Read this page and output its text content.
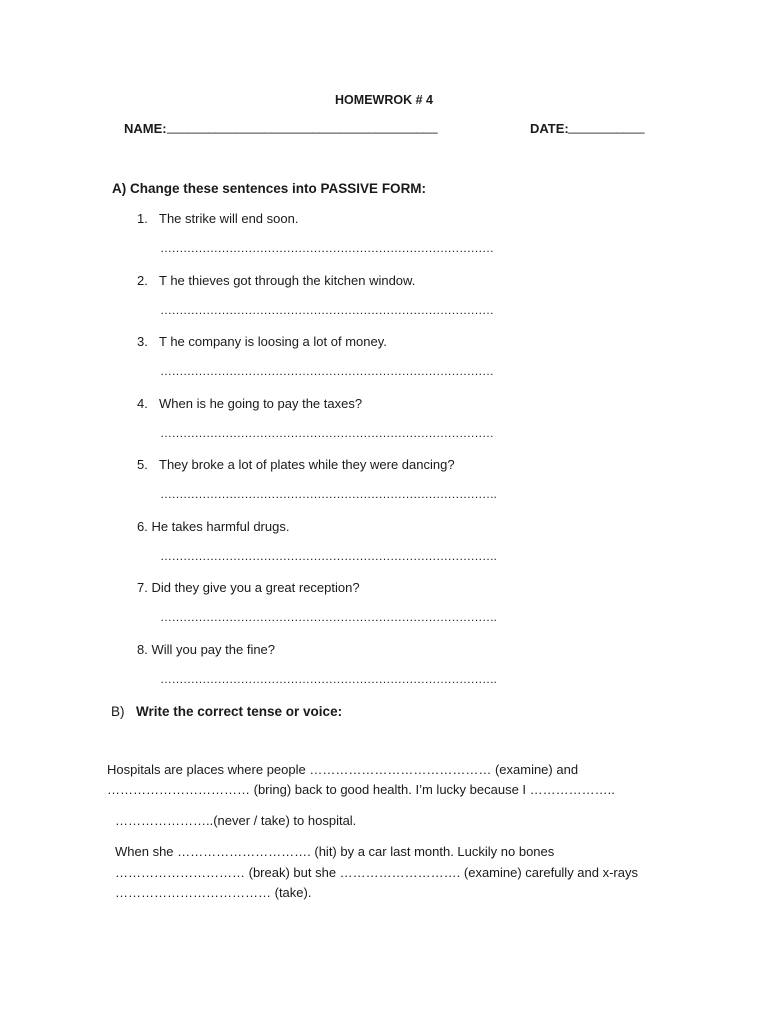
HOMEWROK # 4
NAME: _______________________________________	DATE: ___________
A) Change these sentences into PASSIVE FORM:
1. The strike will end soon.
……………………………………………………………………………
2. T he thieves got through the kitchen window.
……………………………………………………………………………
3. T he company is loosing a lot of money.
……………………………………………………………………………
4. When is he going to pay the taxes?
……………………………………………………………………………
5. They broke a lot of plates while they were dancing?
…………………………………………………………………………….
6. He takes harmful drugs.
…………………………………………………………………………….
7. Did they give you a great reception?
…………………………………………………………………………….
8. Will you pay the fine?
…………………………………………………………………………….
B) Write the correct tense or voice:
Hospitals are places where people …………………………………… (examine) and
…………………………… (bring) back to good health. I’m lucky because I ………………..
…………………..(never / take) to hospital.
When she …………………………. (hit) by a car last month. Luckily no bones
………………………… (break) but she ………………………. (examine) carefully and x-rays
……………………………… (take).
